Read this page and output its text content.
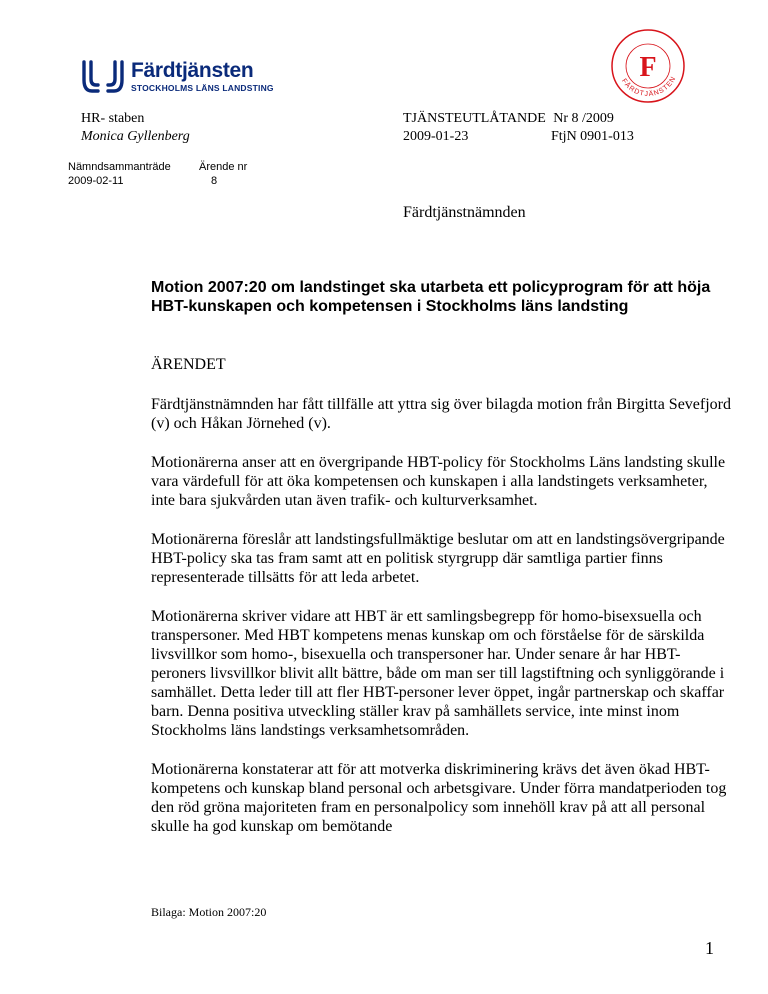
Färdtjänsten
STOCKHOLMS LÄNS LANDSTING
F
FÄRDTJÄNSTEN
HR- staben
Monica Gyllenberg
TJÄNSTEUTLÅTANDE Nr 8 /2009
2009-01-23	FtjN 0901-013
Nämndsammanträde	Ärende nr
2009-02-11	8
Färdtjänstnämnden
Motion 2007:20 om landstinget ska utarbeta ett policyprogram för att höja HBT-kunskapen och kompetensen i Stockholms läns landsting
ÄRENDET

Färdtjänstnämnden har fått tillfälle att yttra sig över bilagda motion från Birgitta Sevefjord (v) och Håkan Jörnehed (v).

Motionärerna anser att en övergripande HBT-policy för Stockholms Läns landsting skulle vara värdefull för att öka kompetensen och kunskapen i alla landstingets verksamheter, inte bara sjukvården utan även trafik- och kulturverksamhet.

Motionärerna föreslår att landstingsfullmäktige beslutar om att en landstingsövergripande HBT-policy ska tas fram samt att en politisk styrgrupp där samtliga partier finns representerade tillsätts för att leda arbetet.

Motionärerna skriver vidare att HBT är ett samlingsbegrepp för homo-bisexsuella och transpersoner. Med HBT kompetens menas kunskap om och förståelse för de särskilda livsvillkor som homo-, bisexuella och transpersoner har. Under senare år har HBT-peroners livsvillkor blivit allt bättre, både om man ser till lagstiftning och synliggörande i samhället. Detta leder till att fler HBT-personer lever öppet, ingår partnerskap och skaffar barn. Denna positiva utveckling ställer krav på samhällets service, inte minst inom Stockholms läns landstings verksamhetsområden.

Motionärerna konstaterar att för att motverka diskriminering krävs det även ökad HBT-kompetens och kunskap bland personal och arbetsgivare. Under förra mandatperioden tog den röd gröna majoriteten fram en personalpolicy som innehöll krav på att all personal skulle ha god kunskap om bemötande

Bilaga: Motion 2007:20
1
